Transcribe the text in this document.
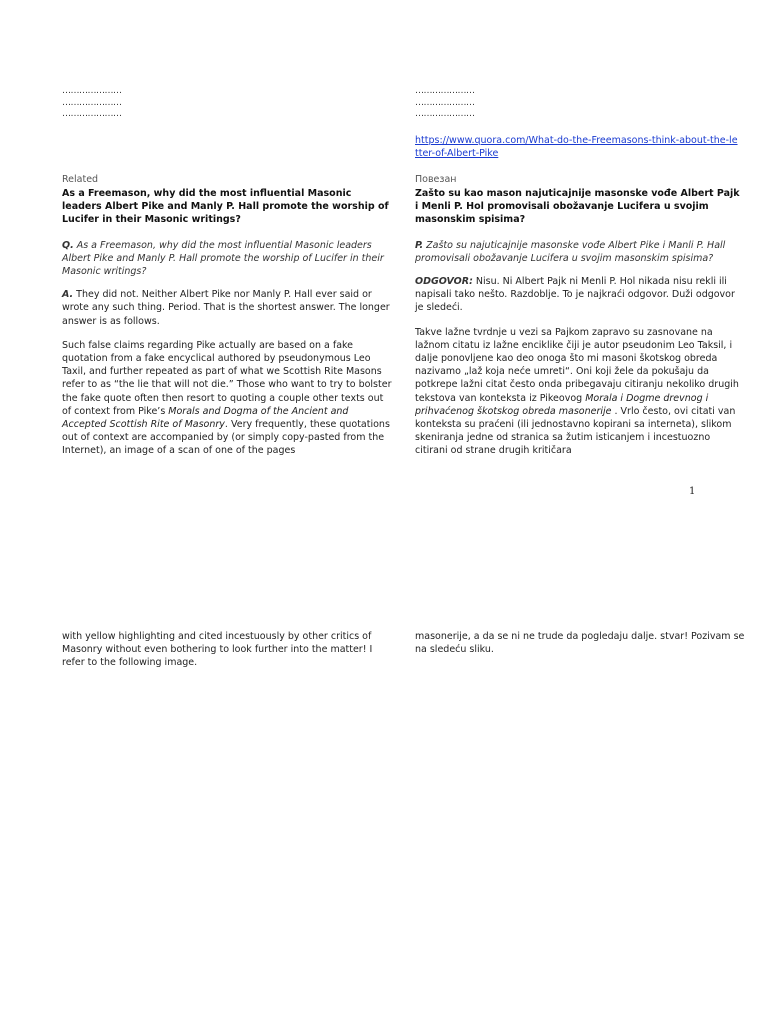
…………………
…………………
…………………
Related
As a Freemason, why did the most influential Masonic leaders Albert Pike and Manly P. Hall promote the worship of Lucifer in their Masonic writings?

Q. As a Freemason, why did the most influential Masonic leaders Albert Pike and Manly P. Hall promote the worship of Lucifer in their Masonic writings?

A. They did not. Neither Albert Pike nor Manly P. Hall ever said or wrote any such thing. Period. That is the shortest answer. The longer answer is as follows.

Such false claims regarding Pike actually are based on a fake quotation from a fake encyclical authored by pseudonymous Leo Taxil, and further repeated as part of what we Scottish Rite Masons refer to as “the lie that will not die.” Those who want to try to bolster the fake quote often then resort to quoting a couple other texts out of context from Pike’s Morals and Dogma of the Ancient and Accepted Scottish Rite of Masonry. Very frequently, these quotations out of context are accompanied by (or simply copy-pasted from the Internet), an image of a scan of one of the pages

with yellow highlighting and cited incestuously by other critics of Masonry without even bothering to look further into the matter! I refer to the following image.

…………………
…………………
…………………
https://www.quora.com/What-do-the-Freemasons-think-about-the-letter-of-Albert-Pike
Повезан
Zašto su kao mason najuticajnije masonske vođe Albert Pajk i Menli P. Hol promovisali obožavanje Lucifera u svojim masonskim spisima?

P. Zašto su najuticajnije masonske vođe Albert Pike i Manli P. Hall promovisali obožavanje Lucifera u svojim masonskim spisima?

ODGOVOR: Nisu. Ni Albert Pajk ni Menli P. Hol nikada nisu rekli ili napisali tako nešto. Razdoblje. To je najkraći odgovor. Duži odgovor je sledeći.

Takve lažne tvrdnje u vezi sa Pajkom zapravo su zasnovane na lažnom citatu iz lažne enciklike čiji je autor pseudonim Leo Taksil, i dalje ponovljene kao deo onoga što mi masoni škotskog obreda nazivamo „laž koja neće umreti“. Oni koji žele da pokušaju da potkrepe lažni citat često onda pribegavaju citiranju nekoliko drugih tekstova van konteksta iz Pikeovog Morala i Dogme drevnog i prihvaćenog škotskog obreda masonerije . Vrlo često, ovi citati van konteksta su praćeni (ili jednostavno kopirani sa interneta), slikom skeniranja jedne od stranica sa žutim isticanjem i incestuozno citirani od strane drugih kritičara

masonerije, a da se ni ne trude da pogledaju dalje. stvar! Pozivam se na sledeću sliku.

1
